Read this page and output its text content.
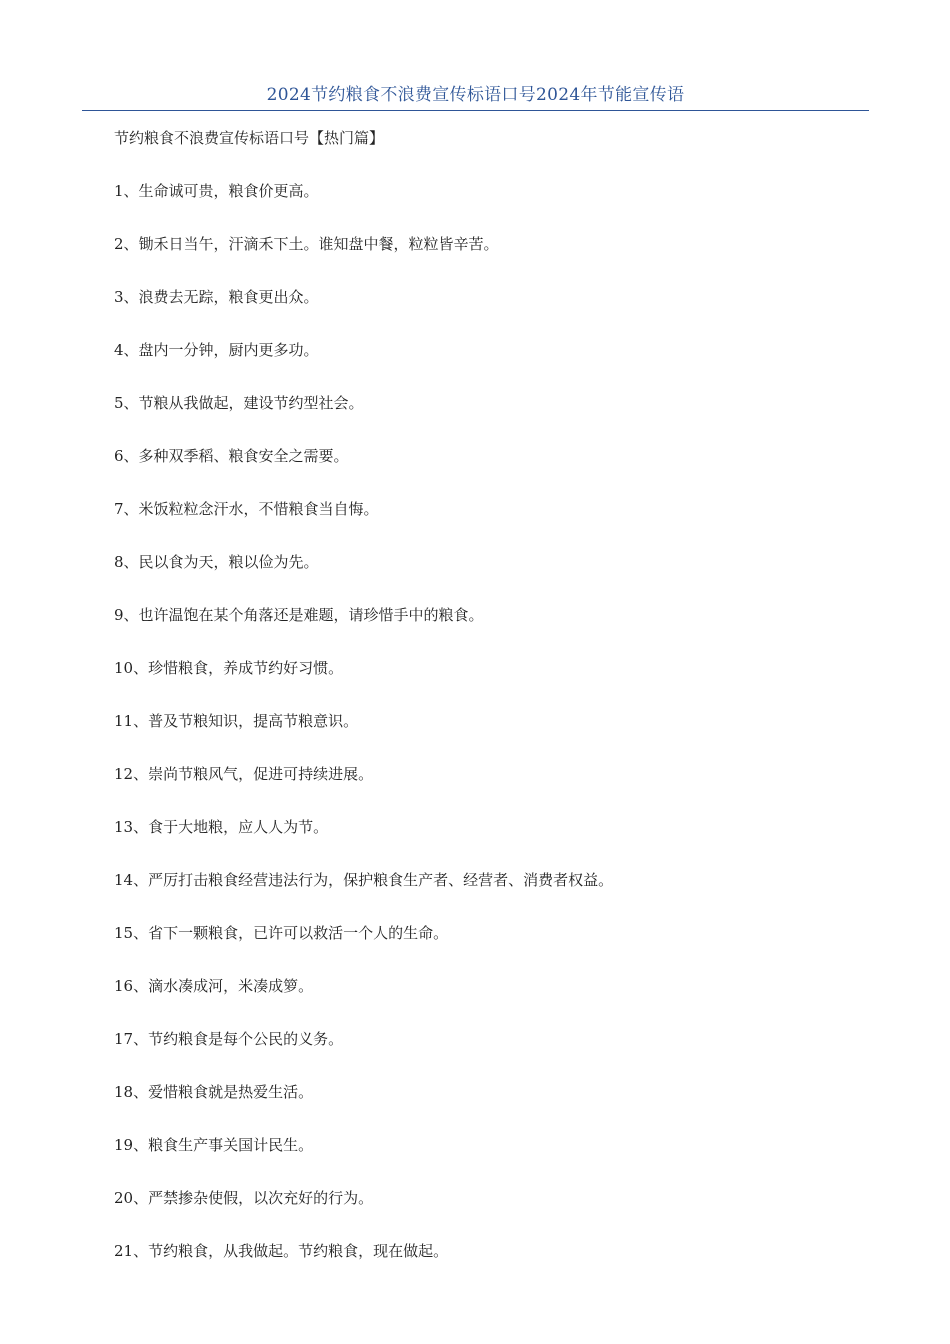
2024节约粮食不浪费宣传标语口号2024年节能宣传语

节约粮食不浪费宣传标语口号【热门篇】

1、生命诚可贵，粮食价更高。
2、锄禾日当午，汗滴禾下土。谁知盘中餐，粒粒皆辛苦。
3、浪费去无踪，粮食更出众。
4、盘内一分钟，厨内更多功。
5、节粮从我做起，建设节约型社会。
6、多种双季稻、粮食安全之需要。
7、米饭粒粒念汗水，不惜粮食当自悔。
8、民以食为天，粮以俭为先。
9、也许温饱在某个角落还是难题，请珍惜手中的粮食。
10、珍惜粮食，养成节约好习惯。
11、普及节粮知识，提高节粮意识。
12、崇尚节粮风气，促进可持续进展。
13、食于大地粮，应人人为节。
14、严厉打击粮食经营违法行为，保护粮食生产者、经营者、消费者权益。
15、省下一颗粮食，已许可以救活一个人的生命。
16、滴水凑成河，米凑成箩。
17、节约粮食是每个公民的义务。
18、爱惜粮食就是热爱生活。
19、粮食生产事关国计民生。
20、严禁掺杂使假，以次充好的行为。
21、节约粮食，从我做起。节约粮食，现在做起。
